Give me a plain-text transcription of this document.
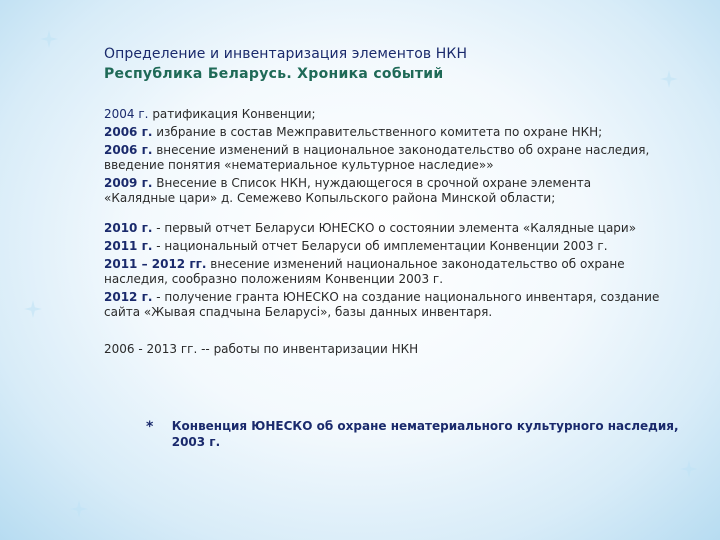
Определение и инвентаризация элементов НКН
Республика Беларусь. Хроника событий
2004 г. ратификация Конвенции;
2006 г. избрание в состав Межправительственного комитета по охране НКН;
2006 г. внесение изменений в национальное законодательство об охране наследия, введение понятия «нематериальное культурное наследие»»
2009 г. Внесение в Список НКН, нуждающегося в срочной охране элемента «Калядные цари» д. Семежево Копыльского района Минской области;
2010 г. - первый отчет Беларуси ЮНЕСКО о состоянии элемента «Калядные цари»
2011 г. - национальный отчет Беларуси об имплементации Конвенции 2003 г.
2011 – 2012 гг. внесение изменений национальное законодательство об охране наследия, сообразно положениям Конвенции 2003 г.
2012 г. - получение гранта ЮНЕСКО на создание национального инвентаря, создание сайта «Жывая спадчына Беларусі», базы данных инвентаря.
2006 - 2013 гг. -- работы по инвентаризации НКН
*	Конвенция ЮНЕСКО об охране нематериального культурного наследия, 2003 г.
